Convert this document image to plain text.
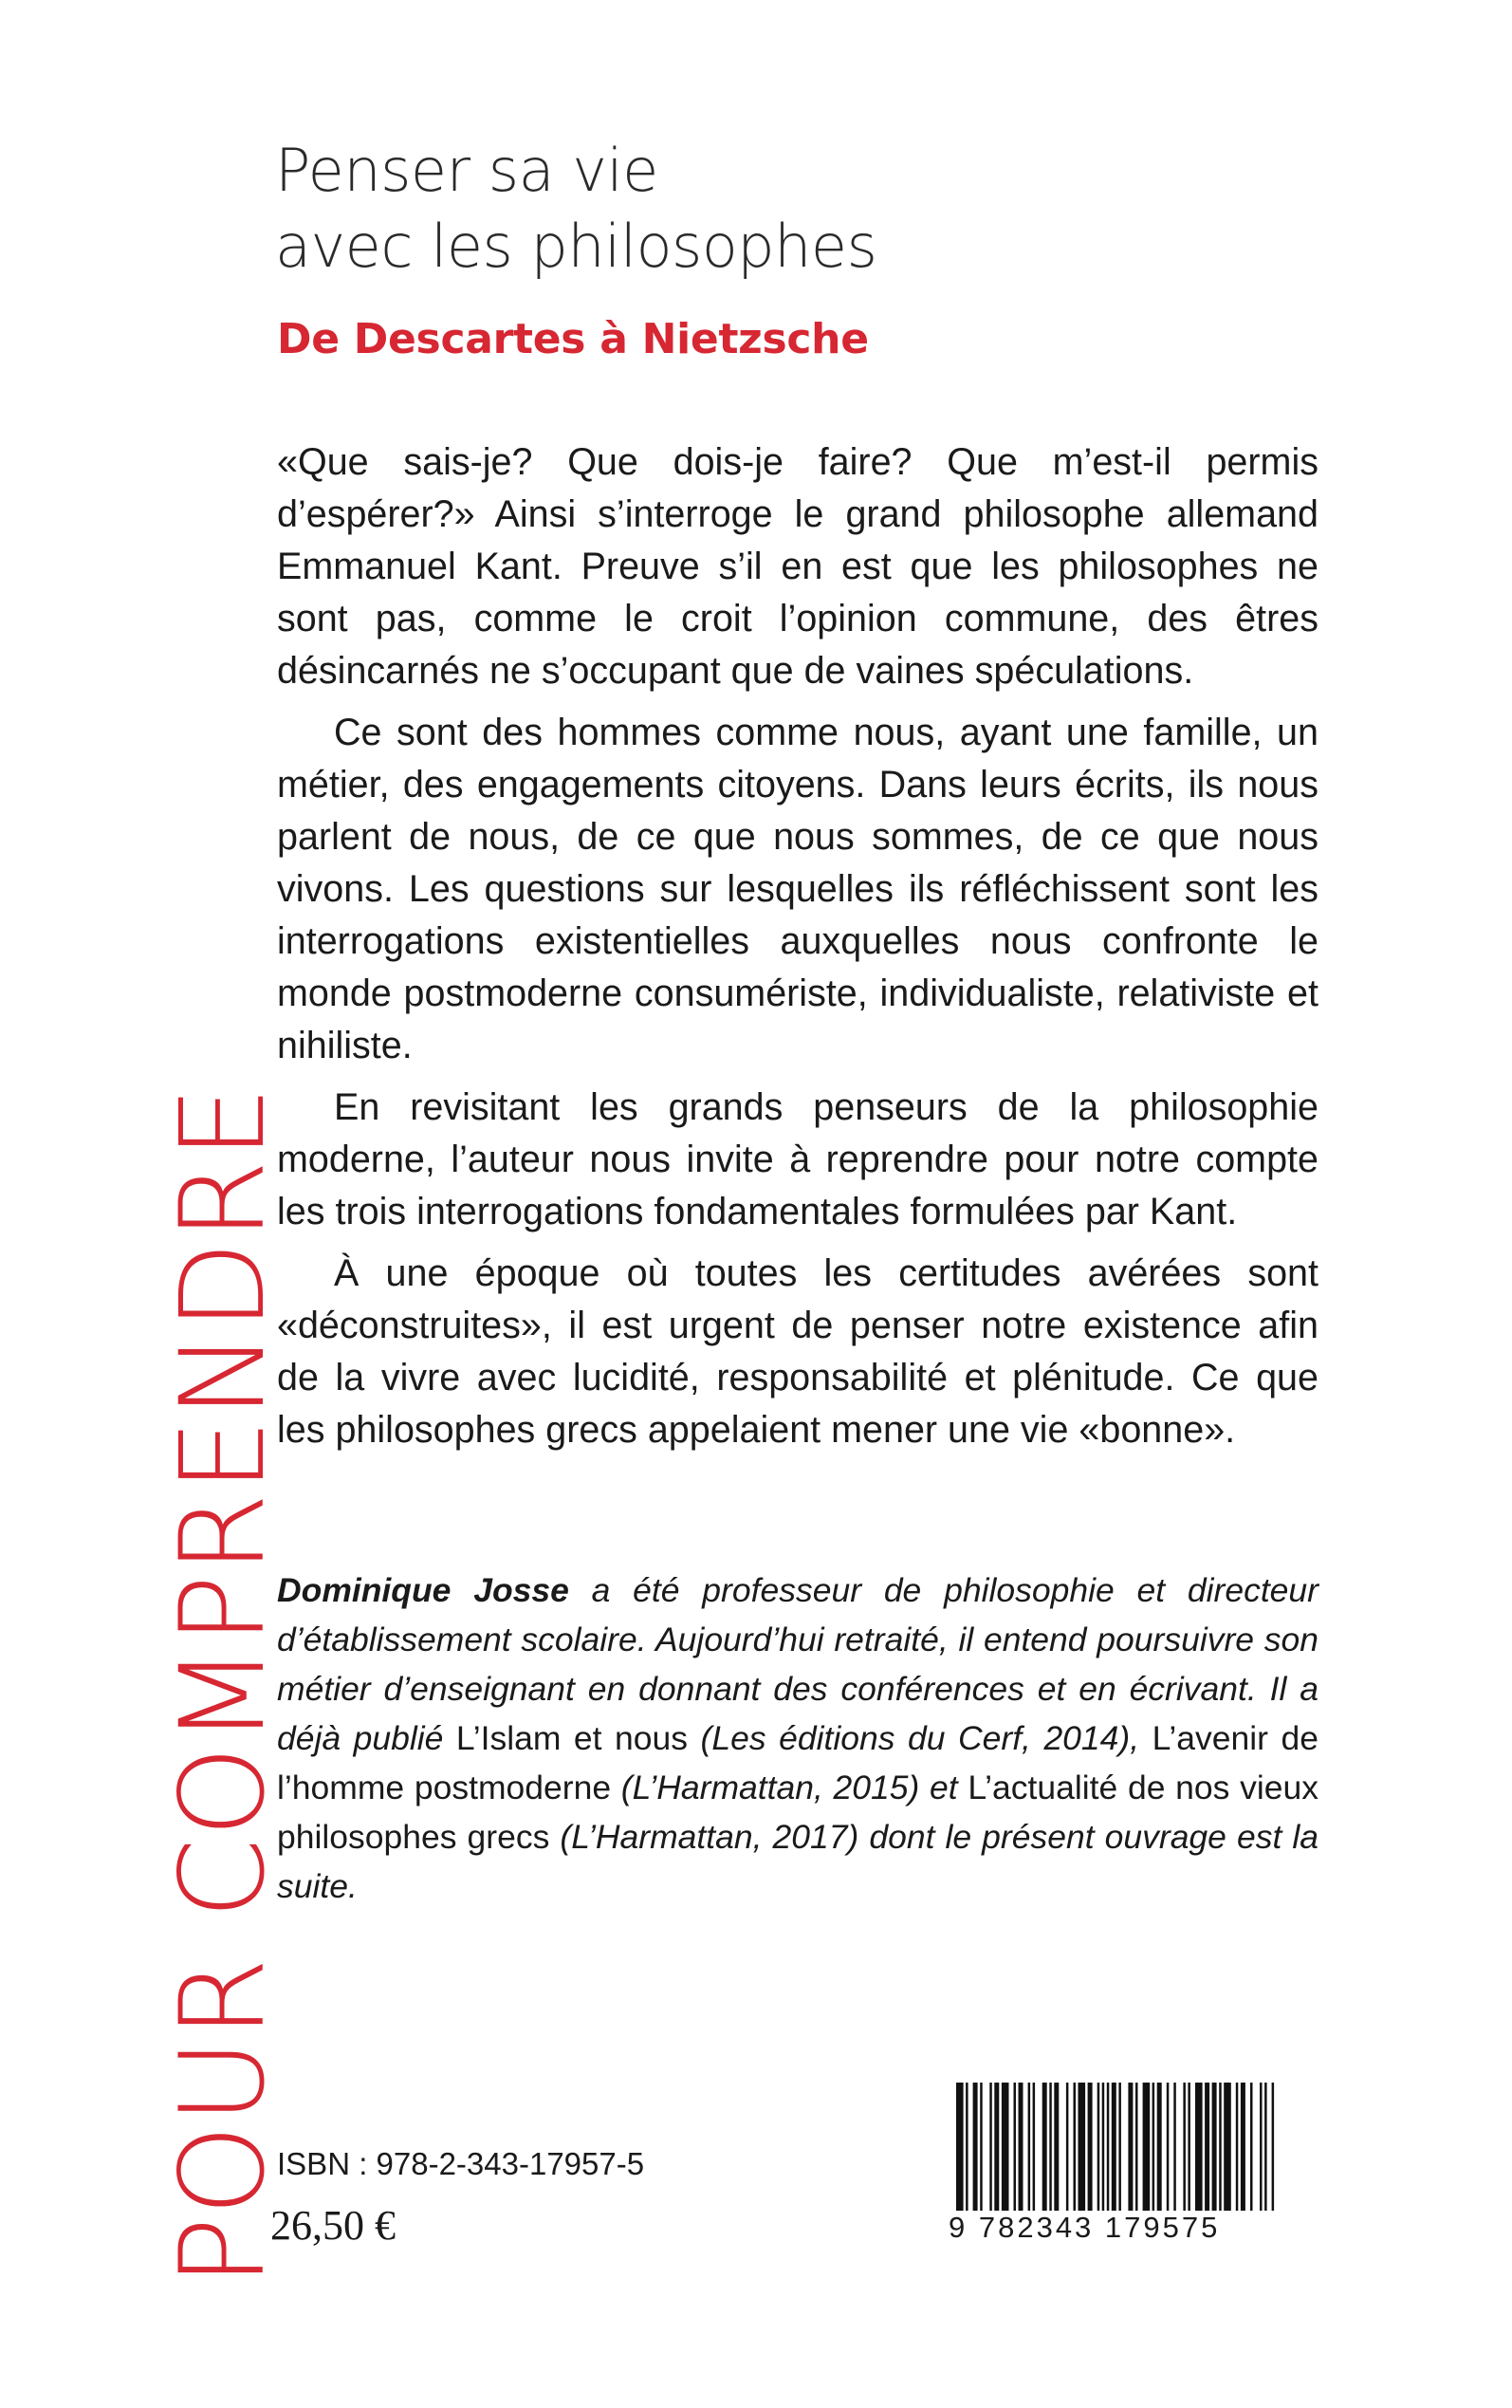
Penser sa vie
avec les philosophes
De Descartes à Nietzsche

«Que sais-je? Que dois-je faire? Que m’est-il permis d’espérer?» Ainsi s’interroge le grand philosophe allemand Emmanuel Kant. Preuve s’il en est que les philosophes ne sont pas, comme le croit l’opinion commune, des êtres désincarnés ne s’occupant que de vaines spéculations.

Ce sont des hommes comme nous, ayant une famille, un métier, des engagements citoyens. Dans leurs écrits, ils nous parlent de nous, de ce que nous sommes, de ce que nous vivons. Les questions sur lesquelles ils réfléchissent sont les interrogations existentielles auxquelles nous confronte le monde postmoderne consumériste, individualiste, relativiste et nihiliste.

En revisitant les grands penseurs de la philosophie moderne, l’auteur nous invite à reprendre pour notre compte les trois interrogations fondamentales formulées par Kant.

À une époque où toutes les certitudes avérées sont «déconstruites», il est urgent de penser notre existence afin de la vivre avec lucidité, responsabilité et plénitude. Ce que les philosophes grecs appelaient mener une vie «bonne».

Dominique Josse a été professeur de philosophie et directeur d’établissement scolaire. Aujourd’hui retraité, il entend poursuivre son métier d’enseignant en donnant des conférences et en écrivant. Il a déjà publié L’Islam et nous (Les éditions du Cerf, 2014), L’avenir de l’homme postmoderne (L’Harmattan, 2015) et L’actualité de nos vieux philosophes grecs (L’Harmattan, 2017) dont le présent ouvrage est la suite.

POUR COMPRENDRE

ISBN : 978-2-343-17957-5

26,50 €	9 782343 179575
